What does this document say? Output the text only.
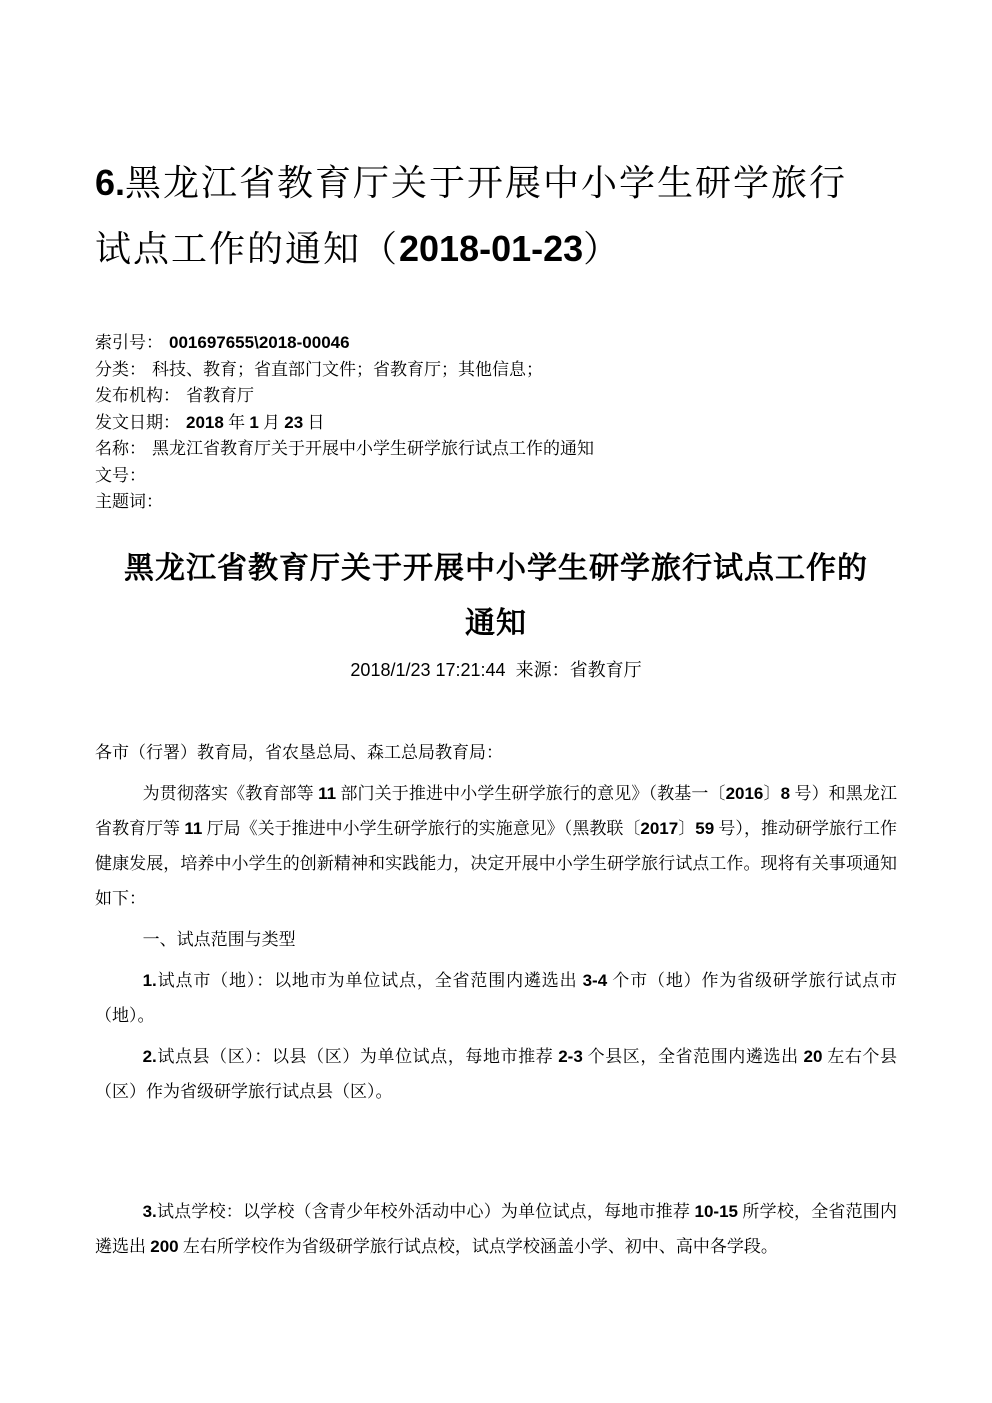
6.黑龙江省教育厅关于开展中小学生研学旅行
试点工作的通知（2018-01-23）
索引号： 001697655\2018-00046
分类： 科技、教育；省直部门文件；省教育厅；其他信息；
发布机构： 省教育厅
发文日期： 2018 年 1 月 23 日
名称： 黑龙江省教育厅关于开展中小学生研学旅行试点工作的通知
文号：
主题词：
黑龙江省教育厅关于开展中小学生研学旅行试点工作的
通知
2018/1/23 17:21:44 来源：省教育厅

各市（行署）教育局，省农垦总局、森工总局教育局：

为贯彻落实《教育部等 11 部门关于推进中小学生研学旅行的意见》（教基一〔2016〕8 号）和黑龙江省教育厅等 11 厅局《关于推进中小学生研学旅行的实施意见》（黑教联〔2017〕59 号），推动研学旅行工作健康发展，培养中小学生的创新精神和实践能力，决定开展中小学生研学旅行试点工作。现将有关事项通知如下：

一、试点范围与类型

1.试点市（地）：以地市为单位试点，全省范围内遴选出 3-4 个市（地）作为省级研学旅行试点市（地）。

2.试点县（区）：以县（区）为单位试点，每地市推荐 2-3 个县区，全省范围内遴选出 20 左右个县（区）作为省级研学旅行试点县（区）。

3.试点学校：以学校（含青少年校外活动中心）为单位试点，每地市推荐 10-15 所学校，全省范围内遴选出 200 左右所学校作为省级研学旅行试点校，试点学校涵盖小学、初中、高中各学段。
